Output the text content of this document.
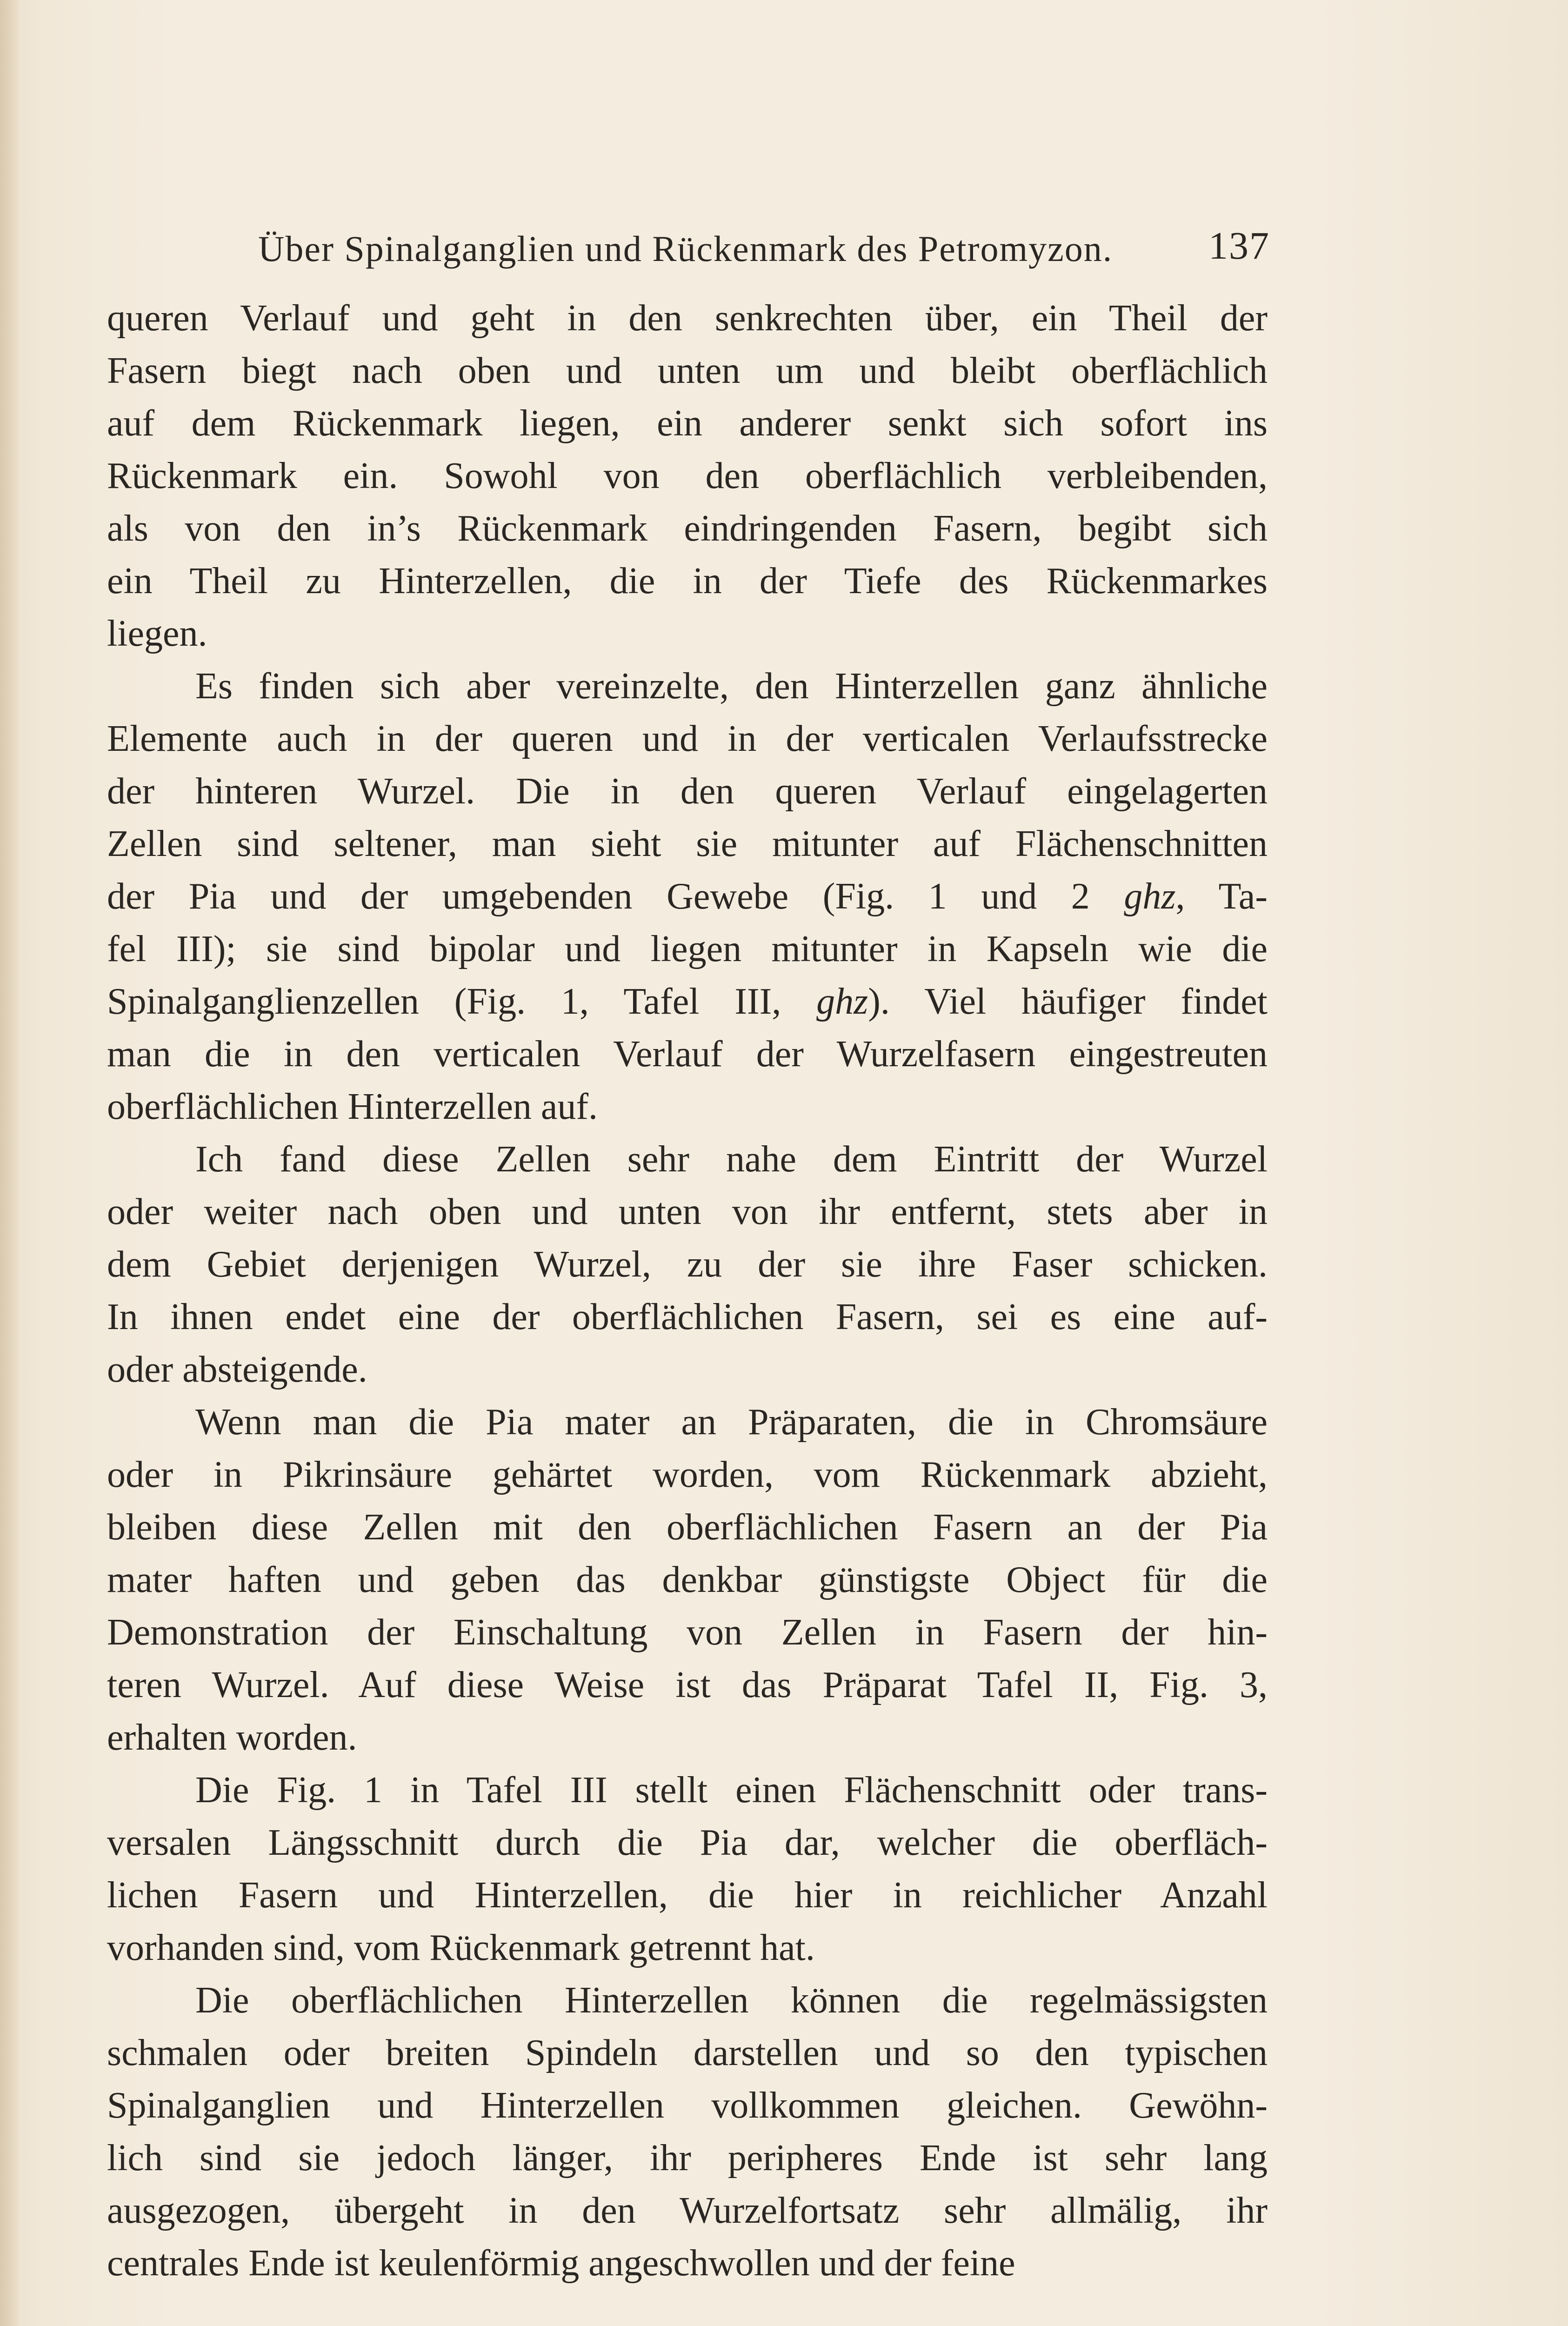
Über Spinalganglien und Rückenmark des Petromyzon. 137
queren Verlauf und geht in den senkrechten über, ein Theil der
Fasern biegt nach oben und unten um und bleibt oberflächlich
auf dem Rückenmark liegen, ein anderer senkt sich sofort ins
Rückenmark ein. Sowohl von den oberflächlich verbleibenden,
als von den in’s Rückenmark eindringenden Fasern, begibt sich
ein Theil zu Hinterzellen, die in der Tiefe des Rückenmarkes
liegen.
Es finden sich aber vereinzelte, den Hinterzellen ganz ähnliche
Elemente auch in der queren und in der verticalen Verlaufsstrecke
der hinteren Wurzel. Die in den queren Verlauf eingelagerten
Zellen sind seltener, man sieht sie mitunter auf Flächenschnitten
der Pia und der umgebenden Gewebe (Fig. 1 und 2 ghz, Ta-
fel III); sie sind bipolar und liegen mitunter in Kapseln wie die
Spinalganglienzellen (Fig. 1, Tafel III, ghz). Viel häufiger findet
man die in den verticalen Verlauf der Wurzelfasern eingestreuten
oberflächlichen Hinterzellen auf.
Ich fand diese Zellen sehr nahe dem Eintritt der Wurzel
oder weiter nach oben und unten von ihr entfernt, stets aber in
dem Gebiet derjenigen Wurzel, zu der sie ihre Faser schicken.
In ihnen endet eine der oberflächlichen Fasern, sei es eine auf-
oder absteigende.
Wenn man die Pia mater an Präparaten, die in Chromsäure
oder in Pikrinsäure gehärtet worden, vom Rückenmark abzieht,
bleiben diese Zellen mit den oberflächlichen Fasern an der Pia
mater haften und geben das denkbar günstigste Object für die
Demonstration der Einschaltung von Zellen in Fasern der hin-
teren Wurzel. Auf diese Weise ist das Präparat Tafel II, Fig. 3,
erhalten worden.
Die Fig. 1 in Tafel III stellt einen Flächenschnitt oder trans-
versalen Längsschnitt durch die Pia dar, welcher die oberfläch-
lichen Fasern und Hinterzellen, die hier in reichlicher Anzahl
vorhanden sind, vom Rückenmark getrennt hat.
Die oberflächlichen Hinterzellen können die regelmässigsten
schmalen oder breiten Spindeln darstellen und so den typischen
Spinalganglien und Hinterzellen vollkommen gleichen. Gewöhn-
lich sind sie jedoch länger, ihr peripheres Ende ist sehr lang
ausgezogen, übergeht in den Wurzelfortsatz sehr allmälig, ihr
centrales Ende ist keulenförmig angeschwollen und der feine
